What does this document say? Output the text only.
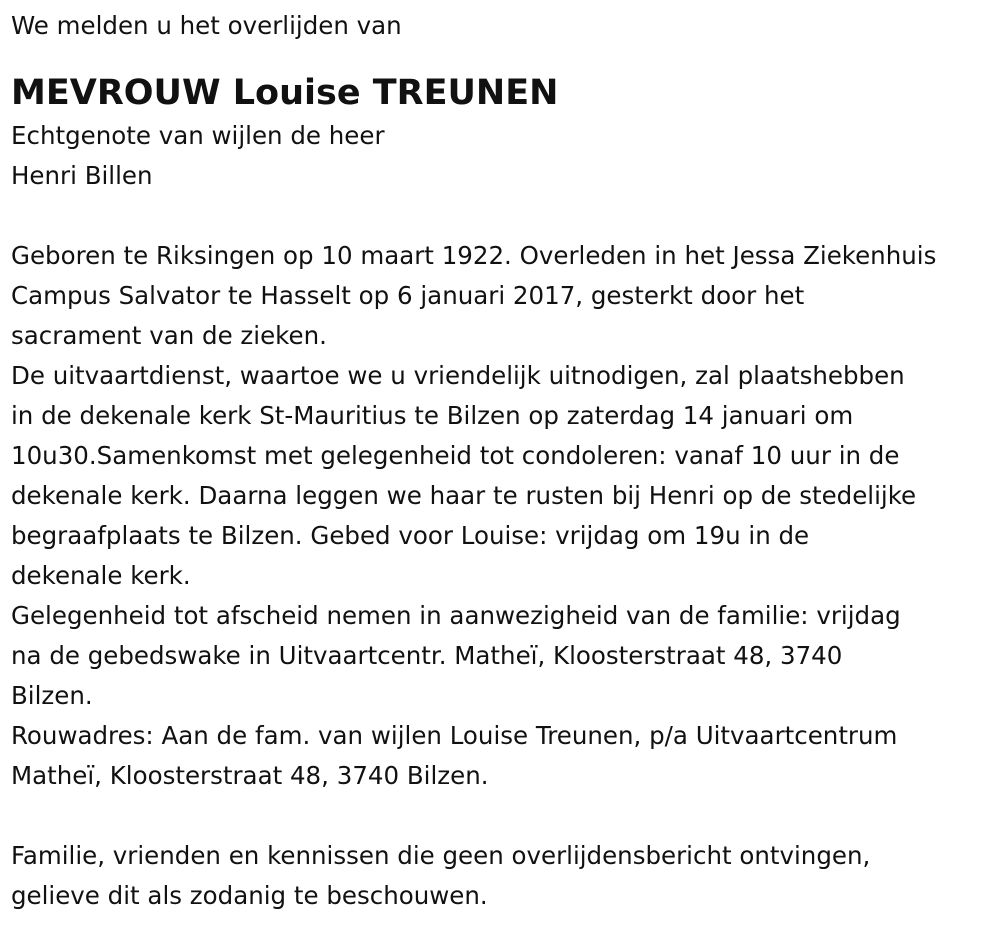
We melden u het overlijden van
MEVROUW Louise TREUNEN
Echtgenote van wijlen de heer
Henri Billen
Geboren te Riksingen op 10 maart 1922. Overleden in het Jessa Ziekenhuis
Campus Salvator te Hasselt op 6 januari 2017, gesterkt door het
sacrament van de zieken.
De uitvaartdienst, waartoe we u vriendelijk uitnodigen, zal plaatshebben
in de dekenale kerk St-Mauritius te Bilzen op zaterdag 14 januari om
10u30.Samenkomst met gelegenheid tot condoleren: vanaf 10 uur in de
dekenale kerk. Daarna leggen we haar te rusten bij Henri op de stedelijke
begraafplaats te Bilzen. Gebed voor Louise: vrijdag om 19u in de
dekenale kerk.
Gelegenheid tot afscheid nemen in aanwezigheid van de familie: vrijdag
na de gebedswake in Uitvaartcentr. Matheï, Kloosterstraat 48, 3740
Bilzen.
Rouwadres: Aan de fam. van wijlen Louise Treunen, p/a Uitvaartcentrum
Matheï, Kloosterstraat 48, 3740 Bilzen.
Familie, vrienden en kennissen die geen overlijdensbericht ontvingen,
gelieve dit als zodanig te beschouwen.
